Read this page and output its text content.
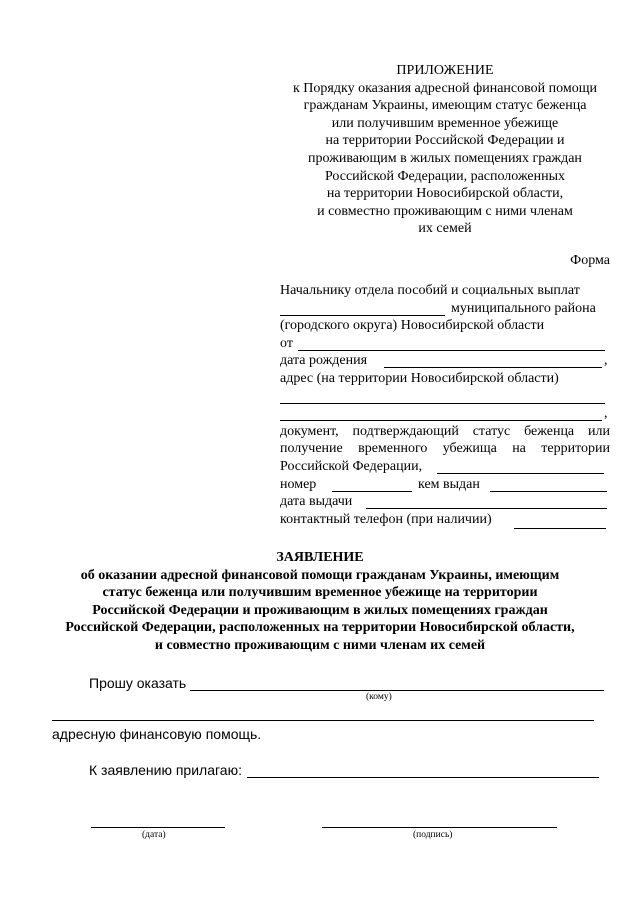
ПРИЛОЖЕНИЕ
к Порядку оказания адресной финансовой помощи
гражданам Украины, имеющим статус беженца
или получившим временное убежище
на территории Российской Федерации и
проживающим в жилых помещениях граждан
Российской Федерации, расположенных
на территории Новосибирской области,
и совместно проживающим с ними членам
их семей
Форма
Начальнику отдела пособий и социальных выплат
муниципального района
(городского округа) Новосибирской области
от
дата рождения	,
адрес (на территории Новосибирской области)
,
документ, подтверждающий статус беженца или
получение временного убежища на территории
Российской Федерации,
номер	кем выдан
дата выдачи
контактный телефон (при наличии)
ЗАЯВЛЕНИЕ
об оказании адресной финансовой помощи гражданам Украины, имеющим
статус беженца или получившим временное убежище на территории
Российской Федерации и проживающим в жилых помещениях граждан
Российской Федерации, расположенных на территории Новосибирской области,
и совместно проживающим с ними членам их семей
Прошу оказать
(кому)
адресную финансовую помощь.
К заявлению прилагаю:
(дата)	(подпись)
